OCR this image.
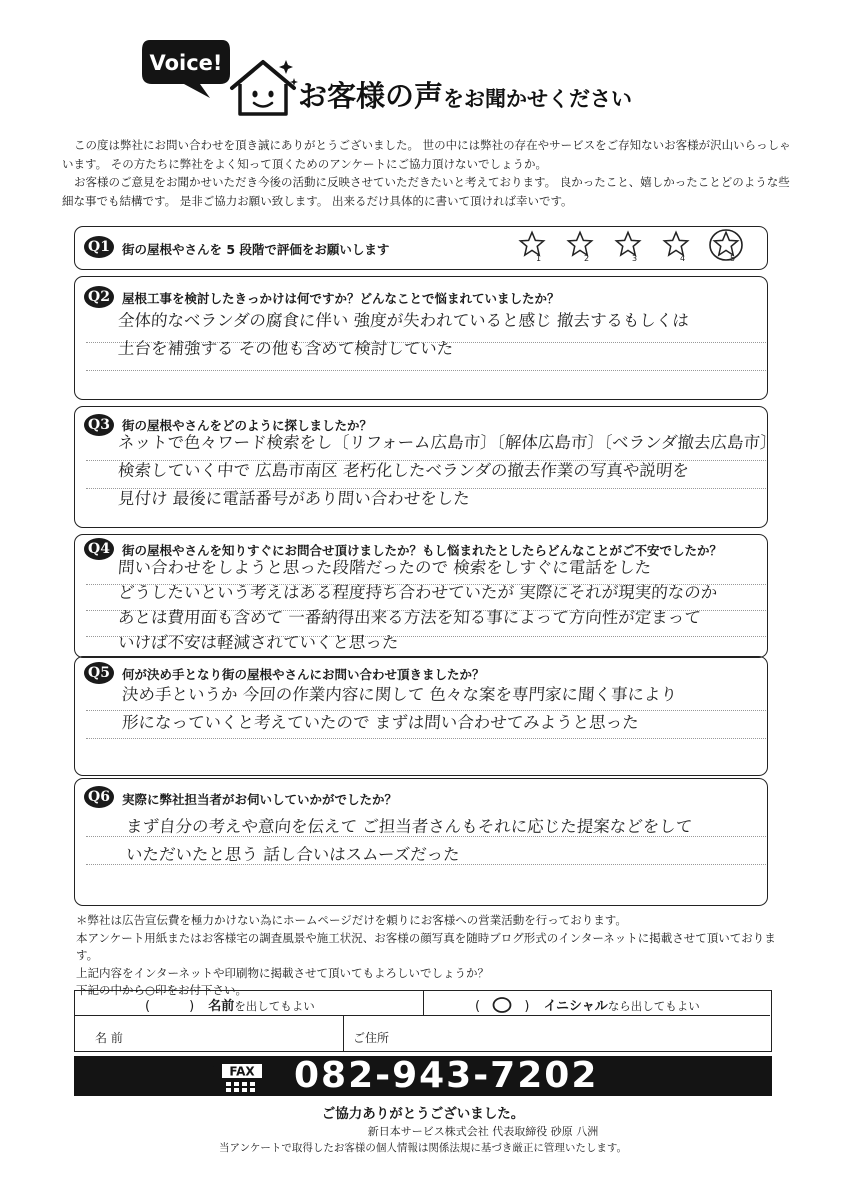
Voice!
お客様の声をお聞かせください

この度は弊社にお問い合わせを頂き誠にありがとうございました。 世の中には弊社の存在やサービスをご存知ないお客様が沢山いらっしゃいます。 その方たちに弊社をよく知って頂くためのアンケートにご協力頂けないでしょうか。

お客様のご意見をお聞かせいただき今後の活動に反映させていただきたいと考えております。 良かったこと、嬉しかったことどのような些細な事でも結構です。 是非ご協力お願い致します。 出来るだけ具体的に書いて頂ければ幸いです。

Q1 街の屋根やさんを 5 段階で評価をお願いします
1	2	3	4	5
Q2 屋根工事を検討したきっかけは何ですか？どんなことで悩まれていましたか？
全体的なベランダの腐食に伴い 強度が失われていると感じ 撤去するもしくは
土台を補強する その他も含めて検討していた
Q3 街の屋根やさんをどのように探しましたか？
ネットで色々ワード検索をし〔リフォーム広島市〕〔解体広島市〕〔ベランダ撤去広島市〕
検索していく中で 広島市南区 老朽化したベランダの撤去作業の写真や説明を
見付け 最後に電話番号があり問い合わせをした
Q4 街の屋根やさんを知りすぐにお問合せ頂けましたか？もし悩まれたとしたらどんなことがご不安でしたか？
問い合わせをしようと思った段階だったので 検索をしすぐに電話をした
どうしたいという考えはある程度持ち合わせていたが 実際にそれが現実的なのか
あとは費用面も含めて 一番納得出来る方法を知る事によって方向性が定まって
いけば不安は軽減されていくと思った
Q5 何が決め手となり街の屋根やさんにお問い合わせ頂きましたか？
決め手というか 今回の作業内容に関して 色々な案を専門家に聞く事により
形になっていくと考えていたので まずは問い合わせてみようと思った
Q6 実際に弊社担当者がお伺いしていかがでしたか？
まず自分の考えや意向を伝えて ご担当者さんもそれに応じた提案などをして
いただいたと思う 話し合いはスムーズだった

＊弊社は広告宣伝費を極力かけない為にホームページだけを頼りにお客様への営業活動を行っております。

本アンケート用紙またはお客様宅の調査風景や施工状況、お客様の顔写真を随時ブログ形式のインターネットに掲載させて頂いております。

上記内容をインターネットや印刷物に掲載させて頂いてもよろしいでしょうか？

下記の中から○印をお付下さい。

(　　　) 名前を出してもよい	( ○ ) イニシャルなら出してもよい
名 前	ご住所
FAX 082-943-7202
ご協力ありがとうございました。
新日本サービス株式会社 代表取締役 砂原 八洲
当アンケートで取得したお客様の個人情報は関係法規に基づき厳正に管理いたします。
